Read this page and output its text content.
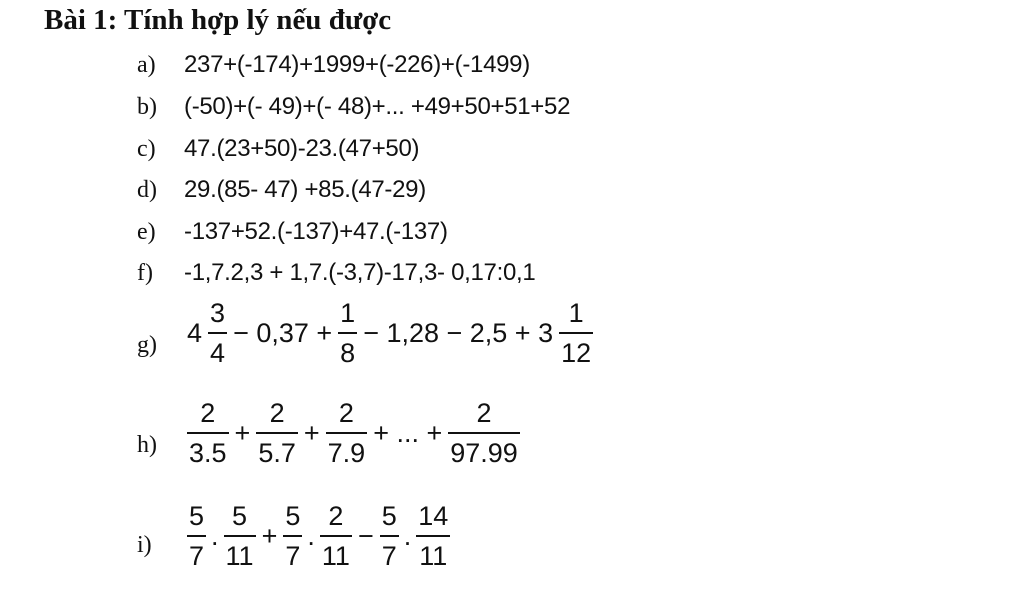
Bài 1: Tính hợp lý nếu được
a) 237+(-174)+1999+(-226)+(-1499)
b) (-50)+(- 49)+(- 48)+... +49+50+51+52
c) 47.(23+50)-23.(47+50)
d) 29.(85- 47) +85.(47-29)
e) -137+52.(-137)+47.(-137)
f) -1,7.2,3 + 1,7.(-3,7)-17,3- 0,17:0,1
g) $4 \frac{3}{4} - 0,37 + \frac{1}{8} - 1,28 - 2,5 + 3 \frac{1}{12}$
$h) \frac{2}{3.5} + \frac{2}{5.7} + \frac{2}{7.9}$ + ... + $\frac{2}{97.99}$
$i) \frac{5}{7}$ . $\frac{5}{11} + \frac{5}{7}$ . $\frac{2}{11} - \frac{5}{7}$ . $\frac{14}{11}$
